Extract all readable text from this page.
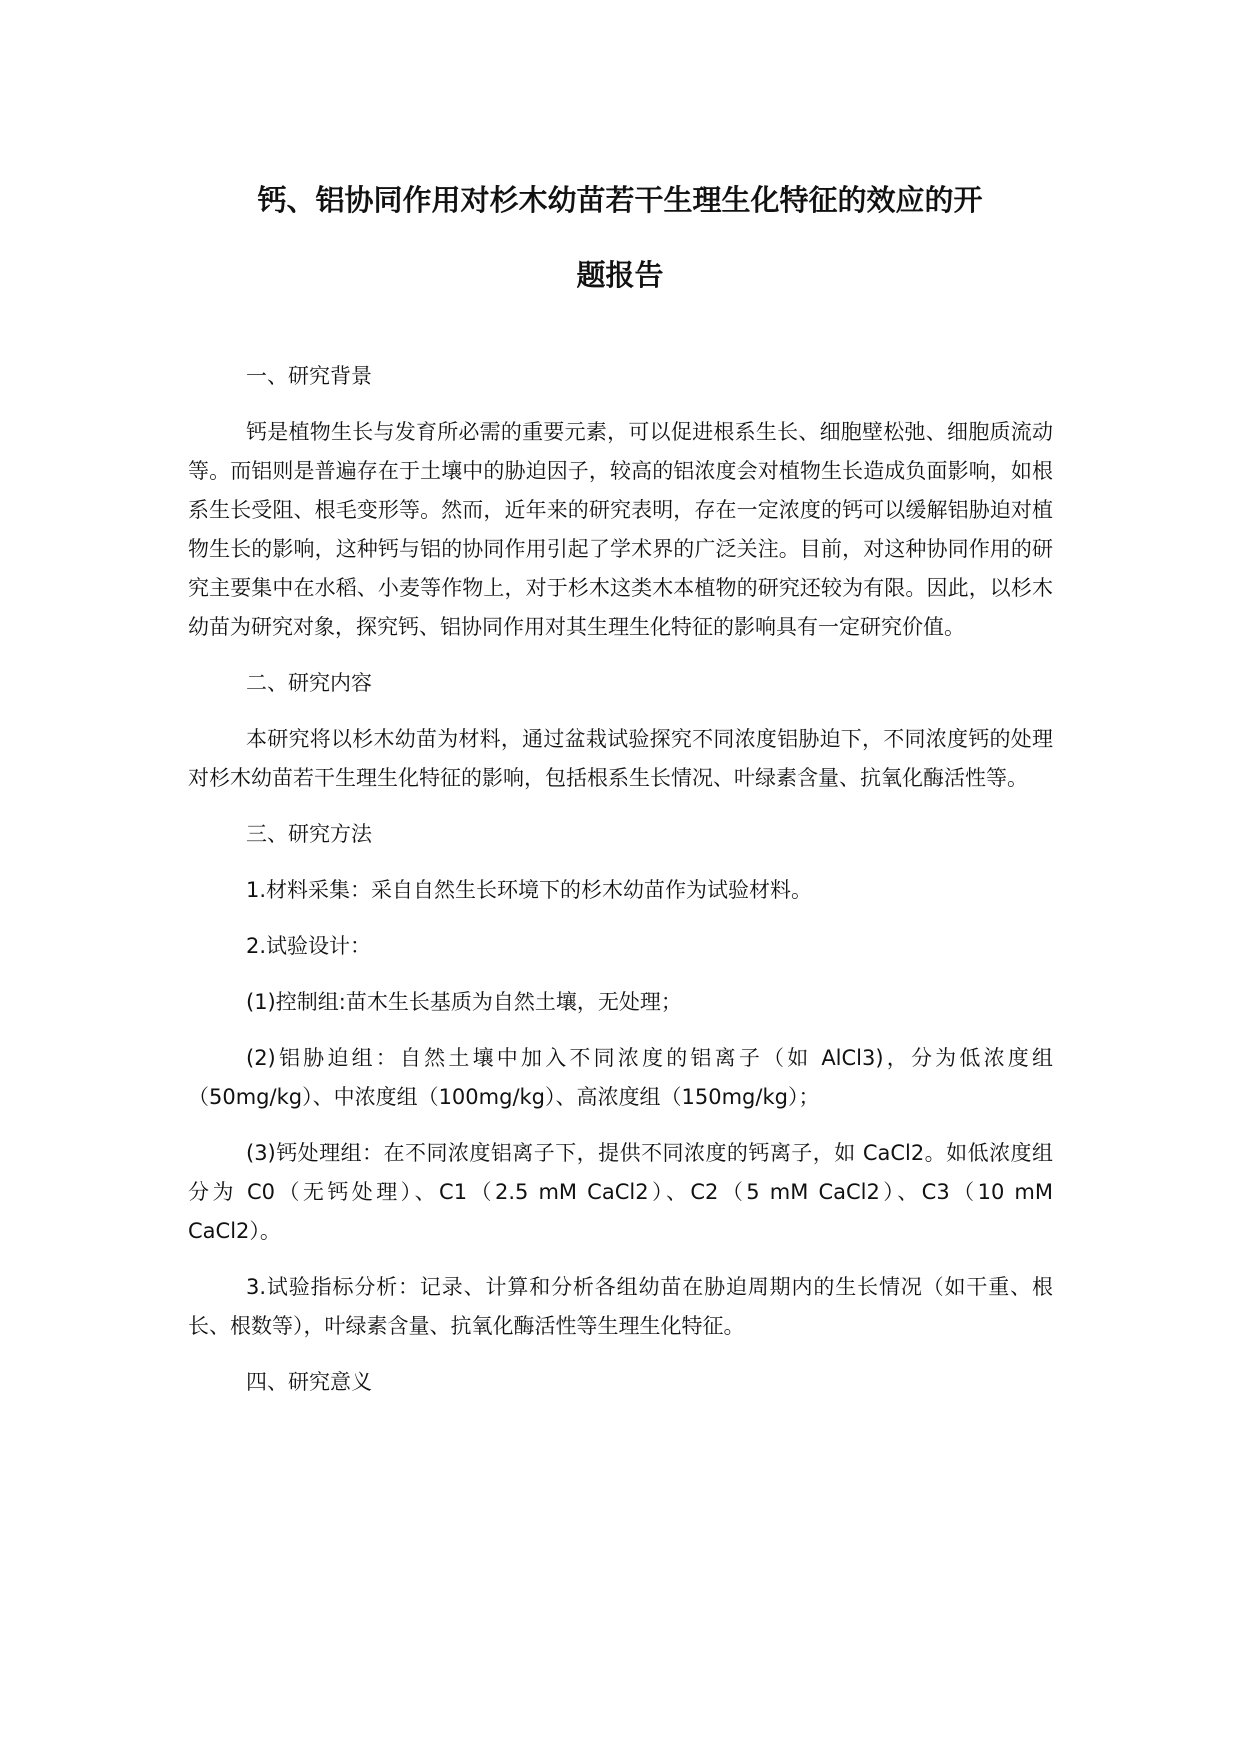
钙、铝协同作用对杉木幼苗若干生理生化特征的效应的开
题报告

一、研究背景

钙是植物生长与发育所必需的重要元素，可以促进根系生长、细胞壁松弛、细胞质流动等。而铝则是普遍存在于土壤中的胁迫因子，较高的铝浓度会对植物生长造成负面影响，如根系生长受阻、根毛变形等。然而，近年来的研究表明，存在一定浓度的钙可以缓解铝胁迫对植物生长的影响，这种钙与铝的协同作用引起了学术界的广泛关注。目前，对这种协同作用的研究主要集中在水稻、小麦等作物上，对于杉木这类木本植物的研究还较为有限。因此，以杉木幼苗为研究对象，探究钙、铝协同作用对其生理生化特征的影响具有一定研究价值。

二、研究内容

本研究将以杉木幼苗为材料，通过盆栽试验探究不同浓度铝胁迫下，不同浓度钙的处理对杉木幼苗若干生理生化特征的影响，包括根系生长情况、叶绿素含量、抗氧化酶活性等。

三、研究方法

1.材料采集：采自自然生长环境下的杉木幼苗作为试验材料。

2.试验设计：

(1)控制组:苗木生长基质为自然土壤，无处理；

(2)铝胁迫组：自然土壤中加入不同浓度的铝离子（如 AlCl3)，分为低浓度组（50mg/kg）、中浓度组（100mg/kg）、高浓度组（150mg/kg）；

(3)钙处理组：在不同浓度铝离子下，提供不同浓度的钙离子，如 CaCl2。如低浓度组分为 C0（无钙处理）、C1（2.5 mM CaCl2）、C2（5 mM CaCl2）、C3（10 mM CaCl2）。

3.试验指标分析：记录、计算和分析各组幼苗在胁迫周期内的生长情况（如干重、根长、根数等），叶绿素含量、抗氧化酶活性等生理生化特征。

四、研究意义
